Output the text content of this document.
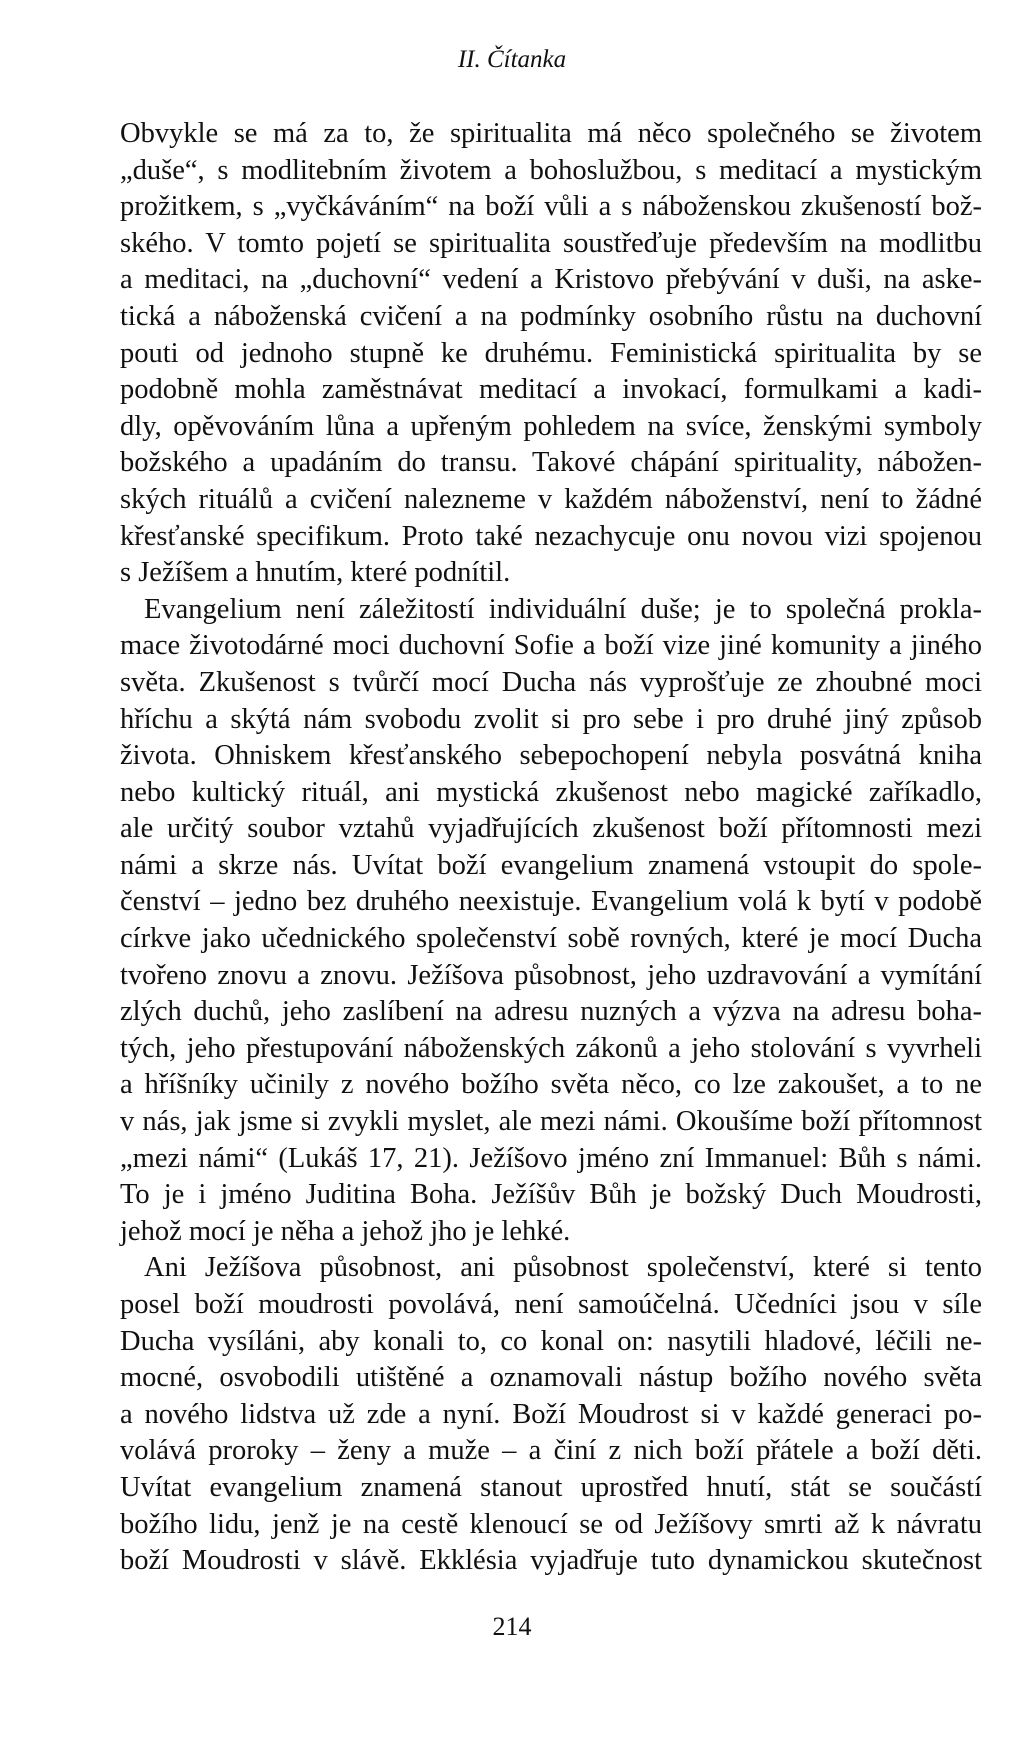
II. Čítanka

Obvykle se má za to, že spiritualita má něco společného se životem
„duše“, s modlitebním životem a bohoslužbou, s meditací a mystickým
prožitkem, s „vyčkáváním“ na boží vůli a s náboženskou zkušeností bož-
ského. V tomto pojetí se spiritualita soustřeďuje především na modlitbu
a meditaci, na „duchovní“ vedení a Kristovo přebývání v duši, na aske-
tická a náboženská cvičení a na podmínky osobního růstu na duchovní
pouti od jednoho stupně ke druhému. Feministická spiritualita by se
podobně mohla zaměstnávat meditací a invokací, formulkami a kadi-
dly, opěvováním lůna a upřeným pohledem na svíce, ženskými symboly
božského a upadáním do transu. Takové chápání spirituality, nábožen-
ských rituálů a cvičení nalezneme v každém náboženství, není to žádné
křesťanské specifikum. Proto také nezachycuje onu novou vizi spojenou
s Ježíšem a hnutím, které podnítil.

Evangelium není záležitostí individuální duše; je to společná prokla-
mace životodárné moci duchovní Sofie a boží vize jiné komunity a jiného
světa. Zkušenost s tvůrčí mocí Ducha nás vyprošťuje ze zhoubné moci
hříchu a skýtá nám svobodu zvolit si pro sebe i pro druhé jiný způsob
života. Ohniskem křesťanského sebepochopení nebyla posvátná kniha
nebo kultický rituál, ani mystická zkušenost nebo magické zaříkadlo,
ale určitý soubor vztahů vyjadřujících zkušenost boží přítomnosti mezi
námi a skrze nás. Uvítat boží evangelium znamená vstoupit do spole-
čenství – jedno bez druhého neexistuje. Evangelium volá k bytí v podobě
církve jako učednického společenství sobě rovných, které je mocí Ducha
tvořeno znovu a znovu. Ježíšova působnost, jeho uzdravování a vymítání
zlých duchů, jeho zaslíbení na adresu nuzných a výzva na adresu boha-
tých, jeho přestupování náboženských zákonů a jeho stolování s vyvrheli
a hříšníky učinily z nového božího světa něco, co lze zakoušet, a to ne
v nás, jak jsme si zvykli myslet, ale mezi námi. Okoušíme boží přítomnost
„mezi námi“ (Lukáš 17, 21). Ježíšovo jméno zní Immanuel: Bůh s námi.
To je i jméno Juditina Boha. Ježíšův Bůh je božský Duch Moudrosti,
jehož mocí je něha a jehož jho je lehké.

Ani Ježíšova působnost, ani působnost společenství, které si tento
posel boží moudrosti povolává, není samoúčelná. Učedníci jsou v síle
Ducha vysíláni, aby konali to, co konal on: nasytili hladové, léčili ne-
mocné, osvobodili utištěné a oznamovali nástup božího nového světa
a nového lidstva už zde a nyní. Boží Moudrost si v každé generaci po-
volává proroky – ženy a muže – a činí z nich boží přátele a boží děti.
Uvítat evangelium znamená stanout uprostřed hnutí, stát se součástí
božího lidu, jenž je na cestě klenoucí se od Ježíšovy smrti až k návratu
boží Moudrosti v slávě. Ekklésia vyjadřuje tuto dynamickou skutečnost

214
